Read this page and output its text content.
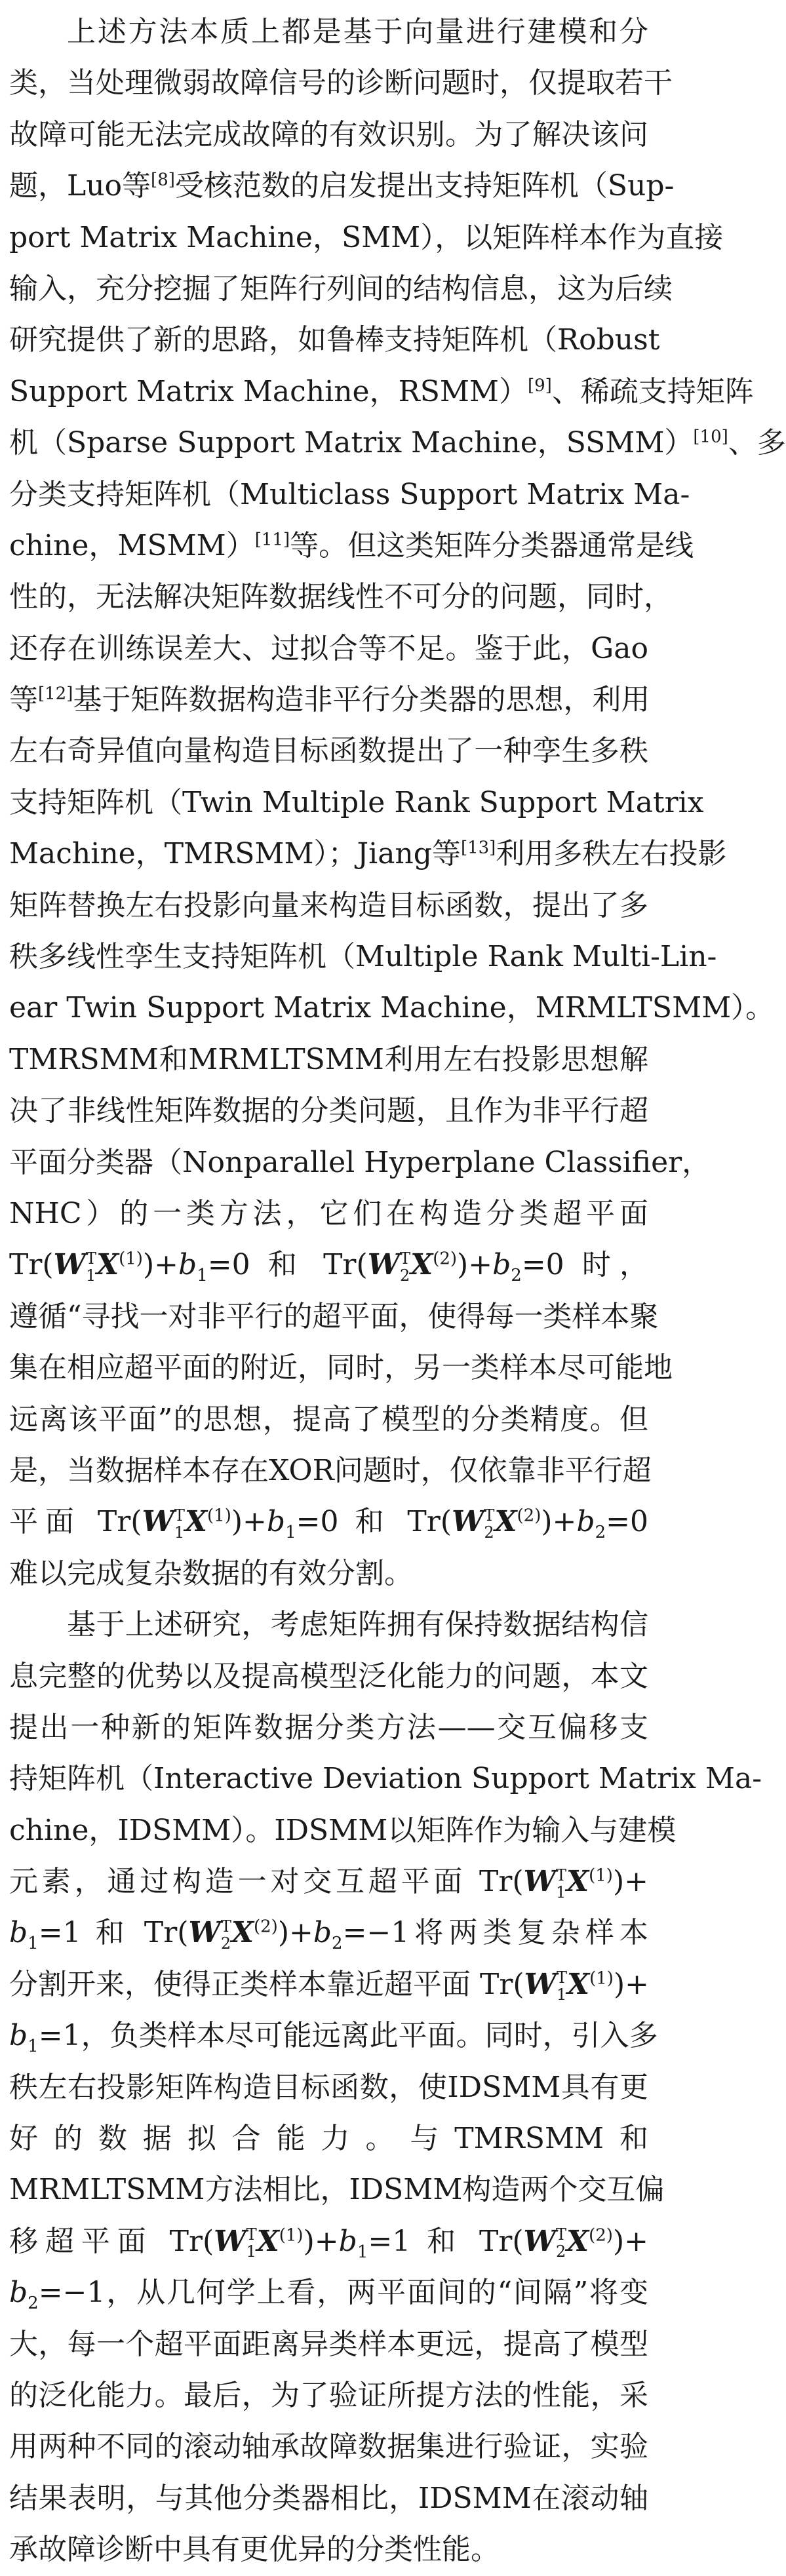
上述方法本质上都是基于向量进行建模和分
类，当处理微弱故障信号的诊断问题时，仅提取若干
故障可能无法完成故障的有效识别。为了解决该问
题，Luo等[8]受核范数的启发提出支持矩阵机（Sup-
port Matrix Machine，SMM），以矩阵样本作为直接
输入，充分挖掘了矩阵行列间的结构信息，这为后续
研究提供了新的思路，如鲁棒支持矩阵机（Robust
Support Matrix Machine，RSMM）[9]、稀疏支持矩阵
机（Sparse Support Matrix Machine，SSMM）[10]、多
分类支持矩阵机（Multiclass Support Matrix Ma-
chine，MSMM）[11]等。但这类矩阵分类器通常是线
性的，无法解决矩阵数据线性不可分的问题，同时，
还存在训练误差大、过拟合等不足。鉴于此，Gao
等[12]基于矩阵数据构造非平行分类器的思想，利用
左右奇异值向量构造目标函数提出了一种孪生多秩
支持矩阵机（Twin Multiple Rank Support Matrix
Machine，TMRSMM）；Jiang等[13]利用多秩左右投影
矩阵替换左右投影向量来构造目标函数，提出了多
秩多线性孪生支持矩阵机（Multiple Rank Multi-Lin-
ear Twin Support Matrix Machine，MRMLTSMM）。
TMRSMM和MRMLTSMM利用左右投影思想解
决了非线性矩阵数据的分类问题，且作为非平行超
平面分类器（Nonparallel Hyperplane Classifier，
NHC）的一类方法，它们在构造分类超平面
Tr(W T
1 $X^{(1)})+b_1=0$ 和 Tr(W T
2 $X^{(2)})+b_2=0$ 时，
遵循“寻找一对非平行的超平面，使得每一类样本聚
集在相应超平面的附近，同时，另一类样本尽可能地
远离该平面”的思想，提高了模型的分类精度。但
是，当数据样本存在XOR问题时，仅依靠非平行超
平面 Tr(W T
1 $X^{(1)})+b_1=0$ 和 Tr(W T
2 $X^{(2)})+b_2=0$
难以完成复杂数据的有效分割。

基于上述研究，考虑矩阵拥有保持数据结构信
息完整的优势以及提高模型泛化能力的问题，本文
提出一种新的矩阵数据分类方法——交互偏移支
持矩阵机（Interactive Deviation Support Matrix Ma-
chine，IDSMM）。IDSMM以矩阵作为输入与建模
元素，通过构造一对交互超平面 Tr(W T
1 $X^{(1)})+$
$b_1=1$ 和 Tr(W T
2 $X^{(2)})+b_2=-1$将两类复杂样本
分割开来，使得正类样本靠近超平面 Tr(W T
1 $X^{(1)})+$
$b_1=1$，负类样本尽可能远离此平面。同时，引入多
秩左右投影矩阵构造目标函数，使IDSMM具有更
好的数据拟合能力。与TMRSMM和
MRMLTSMM方法相比，IDSMM构造两个交互偏
移超平面 Tr(W T
1 $X^{(1)})+b_1=1$ 和 Tr(W T
2 $X^{(2)})+$
$b_2=-1$，从几何学上看，两平面间的“间隔”将变
大，每一个超平面距离异类样本更远，提高了模型
的泛化能力。最后，为了验证所提方法的性能，采
用两种不同的滚动轴承故障数据集进行验证，实验
结果表明，与其他分类器相比，IDSMM在滚动轴
承故障诊断中具有更优异的分类性能。
